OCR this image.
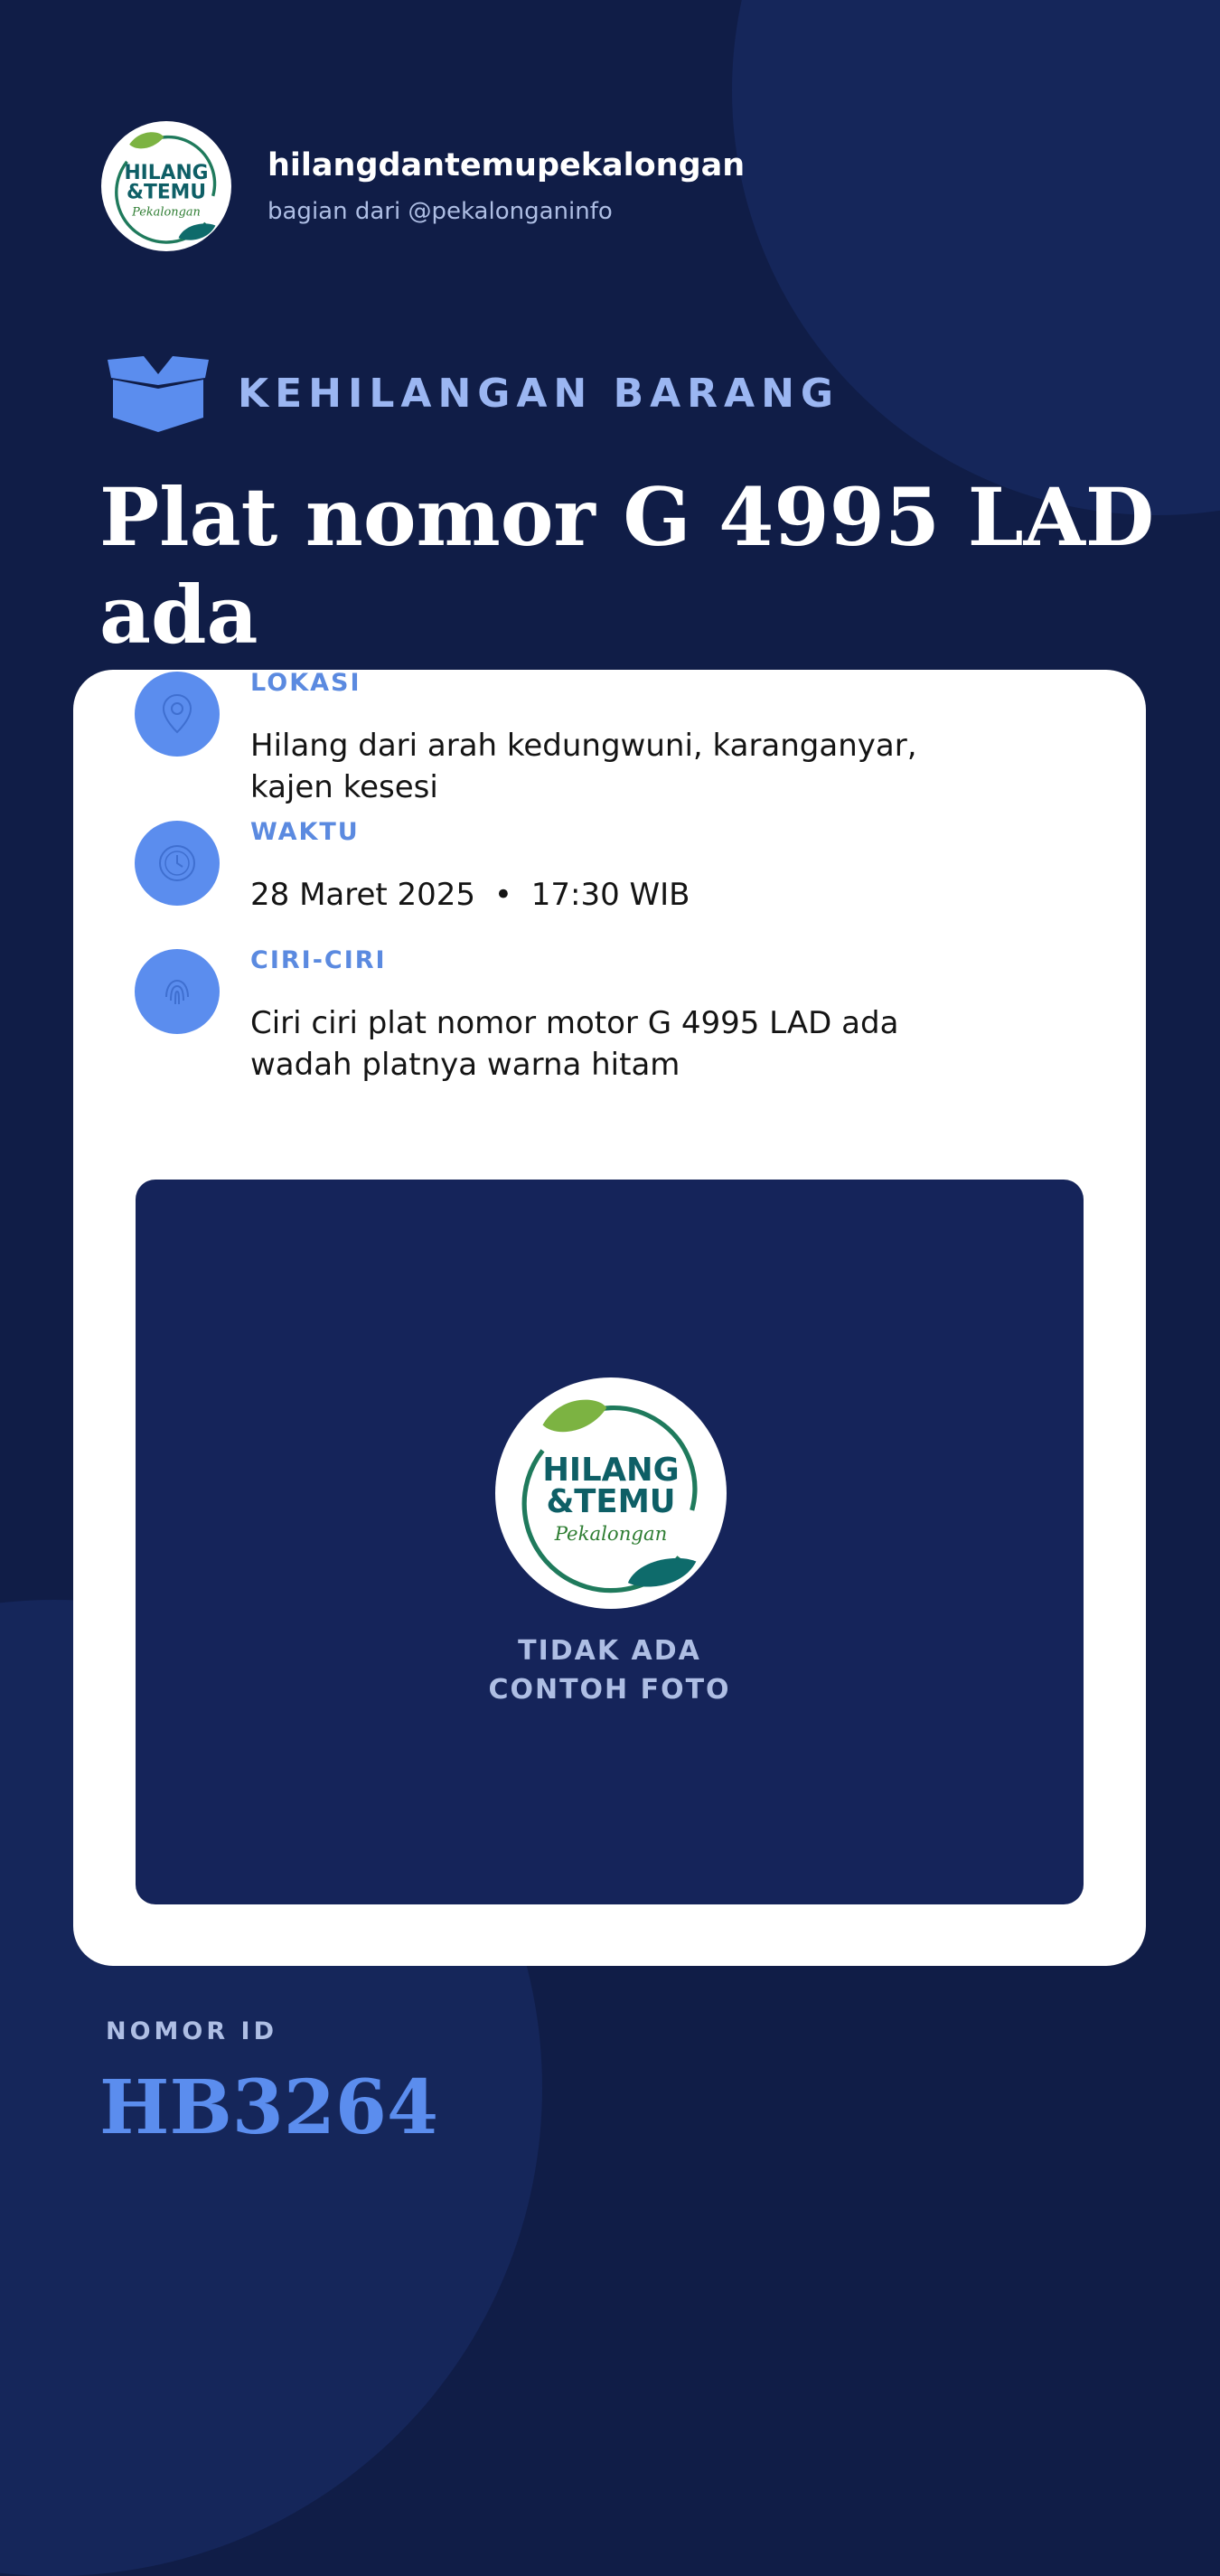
HILANG
&TEMU
Pekalongan
hilangdantemupekalongan
bagian dari @pekalonganinfo
KEHILANGAN BARANG
Plat nomor G 4995 LAD ada
LOKASI
Hilang dari arah kedungwuni, karanganyar, kajen kesesi
WAKTU
28 Maret 2025 • 17:30 WIB
CIRI-CIRI
Ciri ciri plat nomor motor G 4995 LAD ada wadah platnya warna hitam
HILANG
&TEMU
Pekalongan
TIDAK ADA
CONTOH FOTO
NOMOR ID
HB3264
